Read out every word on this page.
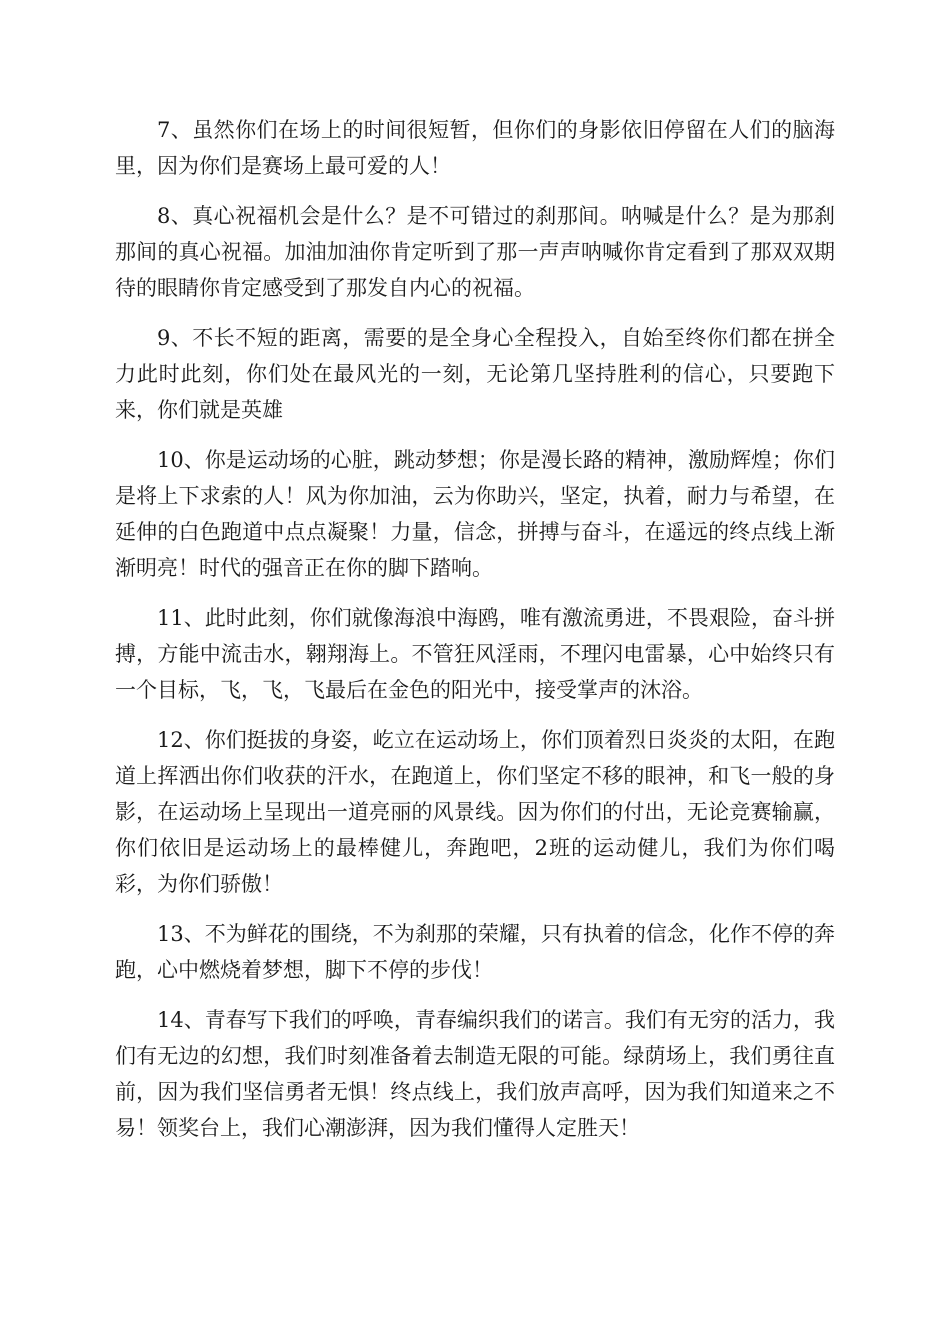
7、虽然你们在场上的时间很短暂，但你们的身影依旧停留在人们的脑海里，因为你们是赛场上最可爱的人！

8、真心祝福机会是什么？是不可错过的刹那间。呐喊是什么？是为那刹那间的真心祝福。加油加油你肯定听到了那一声声呐喊你肯定看到了那双双期待的眼睛你肯定感受到了那发自内心的祝福。

9、不长不短的距离，需要的是全身心全程投入，自始至终你们都在拼全力此时此刻，你们处在最风光的一刻，无论第几坚持胜利的信心，只要跑下来，你们就是英雄

10、你是运动场的心脏，跳动梦想；你是漫长路的精神，激励辉煌；你们是将上下求索的人！风为你加油，云为你助兴，坚定，执着，耐力与希望，在延伸的白色跑道中点点凝聚！力量，信念，拼搏与奋斗，在遥远的终点线上渐渐明亮！时代的强音正在你的脚下踏响。

11、此时此刻，你们就像海浪中海鸥，唯有激流勇进，不畏艰险，奋斗拼搏，方能中流击水，翱翔海上。不管狂风淫雨，不理闪电雷暴，心中始终只有一个目标，飞，飞，飞最后在金色的阳光中，接受掌声的沐浴。

12、你们挺拔的身姿，屹立在运动场上，你们顶着烈日炎炎的太阳，在跑道上挥洒出你们收获的汗水，在跑道上，你们坚定不移的眼神，和飞一般的身影，在运动场上呈现出一道亮丽的风景线。因为你们的付出，无论竞赛输赢，你们依旧是运动场上的最棒健儿，奔跑吧，2班的运动健儿，我们为你们喝彩，为你们骄傲！

13、不为鲜花的围绕，不为刹那的荣耀，只有执着的信念，化作不停的奔跑，心中燃烧着梦想，脚下不停的步伐！

14、青春写下我们的呼唤，青春编织我们的诺言。我们有无穷的活力，我们有无边的幻想，我们时刻准备着去制造无限的可能。绿荫场上，我们勇往直前，因为我们坚信勇者无惧！终点线上，我们放声高呼，因为我们知道来之不易！领奖台上，我们心潮澎湃，因为我们懂得人定胜天！
